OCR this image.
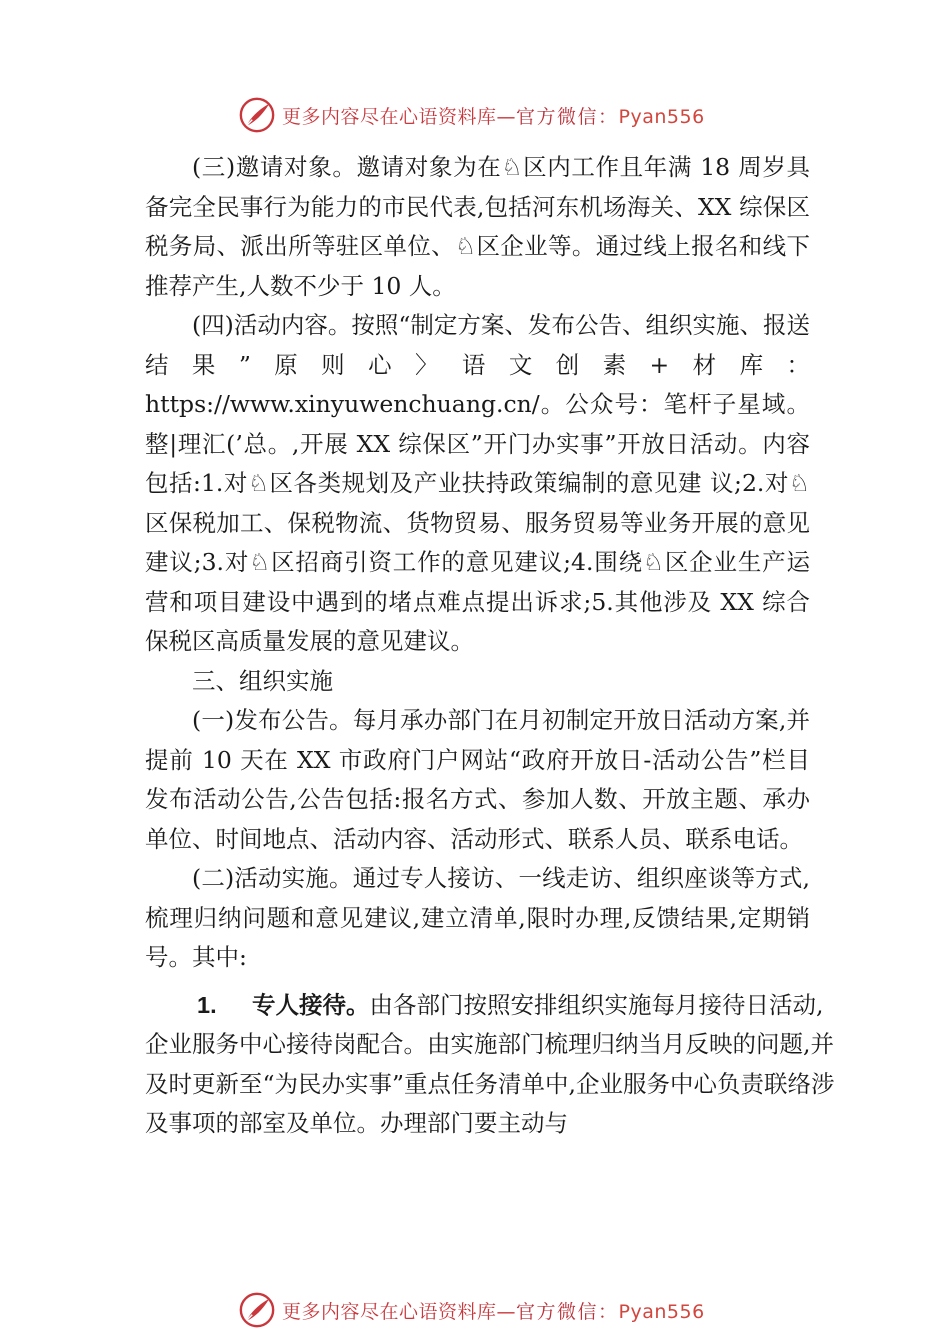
更多内容尽在心语资料库—官方微信：Pyan556

(三)邀请对象。邀请对象为在♘区内工作且年满 18 周岁具备完全民事行为能力的市民代表,包括河东机场海关、XX 综保区税务局、派出所等驻区单位、♘区企业等。通过线上报名和线下推荐产生,人数不少于 10 人。

(四)活动内容。按照“制定方案、发布公告、组织实施、报送结果”原则心〉语文创素+材库：https://www.xinyuwenchuang.cn/。公众号：笔杆子星域。整|理汇(’总。,开展 XX 综保区”开门办实事”开放日活动。内容包括:1.对♘区各类规划及产业扶持政策编制的意见建 议;2.对♘区保税加工、保税物流、货物贸易、服务贸易等业务开展的意见建议;3.对♘区招商引资工作的意见建议;4.围绕♘区企业生产运营和项目建设中遇到的堵点难点提出诉求;5.其他涉及 XX 综合保税区高质量发展的意见建议。

三、组织实施

(一)发布公告。每月承办部门在月初制定开放日活动方案,并提前 10 天在 XX 市政府门户网站“政府开放日-活动公告”栏目发布活动公告,公告包括:报名方式、参加人数、开放主题、承办单位、时间地点、活动内容、活动形式、联系人员、联系电话。

(二)活动实施。通过专人接访、一线走访、组织座谈等方式,梳理归纳问题和意见建议,建立清单,限时办理,反馈结果,定期销号。其中:

1. 专人接待。由各部门按照安排组织实施每月接待日活动,企业服务中心接待岗配合。由实施部门梳理归纳当月反映的问题,并及时更新至“为民办实事”重点任务清单中,企业服务中心负责联络涉及事项的部室及单位。办理部门要主动与

更多内容尽在心语资料库—官方微信：Pyan556
